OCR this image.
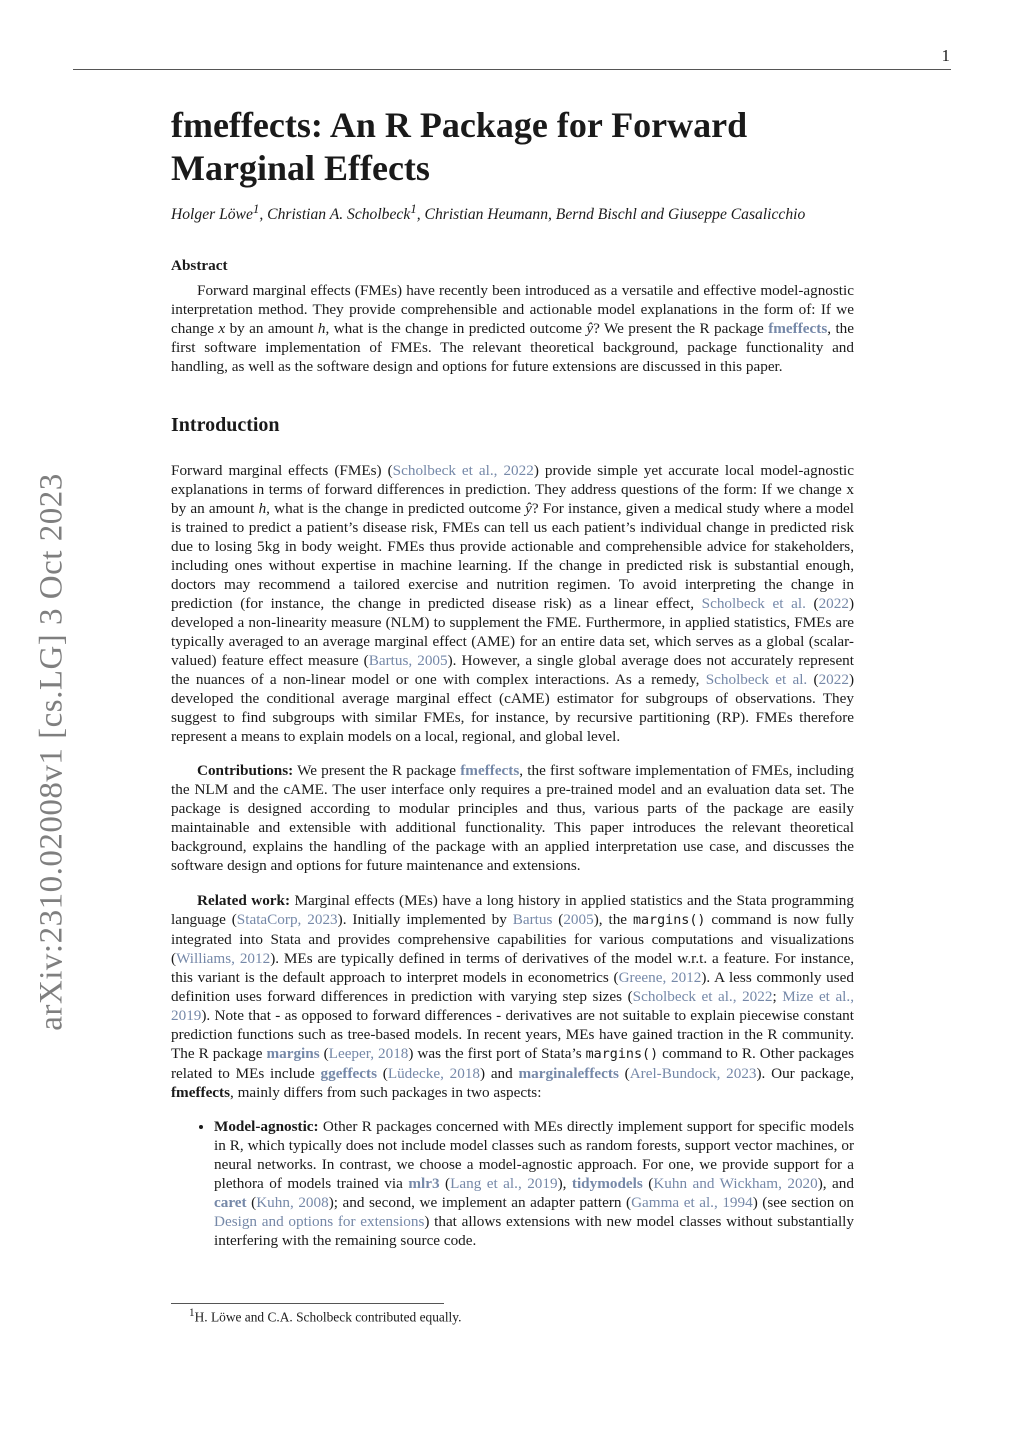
1
arXiv:2310.02008v1 [cs.LG] 3 Oct 2023
fmeffects: An R Package for Forward Marginal Effects
Holger Löwe$^1$, Christian A. Scholbeck$^1$, Christian Heumann, Bernd Bischl and Giuseppe Casalicchio
Abstract

Forward marginal effects (FMEs) have recently been introduced as a versatile and effective model-agnostic interpretation method. They provide comprehensible and actionable model explanations in the form of: If we change x by an amount h, what is the change in predicted outcome ŷ? We present the R package fmeffects, the first software implementation of FMEs. The relevant theoretical background, package functionality and handling, as well as the software design and options for future extensions are discussed in this paper.

Introduction

Forward marginal effects (FMEs) (Scholbeck et al., 2022) provide simple yet accurate local model-agnostic explanations in terms of forward differences in prediction. They address questions of the form: If we change x by an amount h, what is the change in predicted outcome ŷ? For instance, given a medical study where a model is trained to predict a patient’s disease risk, FMEs can tell us each patient’s individual change in predicted risk due to losing 5kg in body weight. FMEs thus provide actionable and comprehensible advice for stakeholders, including ones without expertise in machine learning. If the change in predicted risk is substantial enough, doctors may recommend a tailored exercise and nutrition regimen. To avoid interpreting the change in prediction (for instance, the change in predicted disease risk) as a linear effect, Scholbeck et al. (2022) developed a non-linearity measure (NLM) to supplement the FME. Furthermore, in applied statistics, FMEs are typically averaged to an average marginal effect (AME) for an entire data set, which serves as a global (scalar-valued) feature effect measure (Bartus, 2005). However, a single global average does not accurately represent the nuances of a non-linear model or one with complex interactions. As a remedy, Scholbeck et al. (2022) developed the conditional average marginal effect (cAME) estimator for subgroups of observations. They suggest to find subgroups with similar FMEs, for instance, by recursive partitioning (RP). FMEs therefore represent a means to explain models on a local, regional, and global level.

Contributions: We present the R package fmeffects, the first software implementation of FMEs, including the NLM and the cAME. The user interface only requires a pre-trained model and an evaluation data set. The package is designed according to modular principles and thus, various parts of the package are easily maintainable and extensible with additional functionality. This paper introduces the relevant theoretical background, explains the handling of the package with an applied interpretation use case, and discusses the software design and options for future maintenance and extensions.

Related work: Marginal effects (MEs) have a long history in applied statistics and the Stata programming language (StataCorp, 2023). Initially implemented by Bartus (2005), the margins() command is now fully integrated into Stata and provides comprehensive capabilities for various computations and visualizations (Williams, 2012). MEs are typically defined in terms of derivatives of the model w.r.t. a feature. For instance, this variant is the default approach to interpret models in econometrics (Greene, 2012). A less commonly used definition uses forward differences in prediction with varying step sizes (Scholbeck et al., 2022; Mize et al., 2019). Note that - as opposed to forward differences - derivatives are not suitable to explain piecewise constant prediction functions such as tree-based models. In recent years, MEs have gained traction in the R community. The R package margins (Leeper, 2018) was the first port of Stata’s margins() command to R. Other packages related to MEs include ggeffects (Lüdecke, 2018) and marginaleffects (Arel-Bundock, 2023). Our package, fmeffects, mainly differs from such packages in two aspects:

• Model-agnostic: Other R packages concerned with MEs directly implement support for specific models in R, which typically does not include model classes such as random forests, support vector machines, or neural networks. In contrast, we choose a model-agnostic approach. For one, we provide support for a plethora of models trained via mlr3 (Lang et al., 2019), tidymodels (Kuhn and Wickham, 2020), and caret (Kuhn, 2008); and second, we implement an adapter pattern (Gamma et al., 1994) (see section on Design and options for extensions) that allows extensions with new model classes without substantially interfering with the remaining source code.
$^1$H. Löwe and C.A. Scholbeck contributed equally.
